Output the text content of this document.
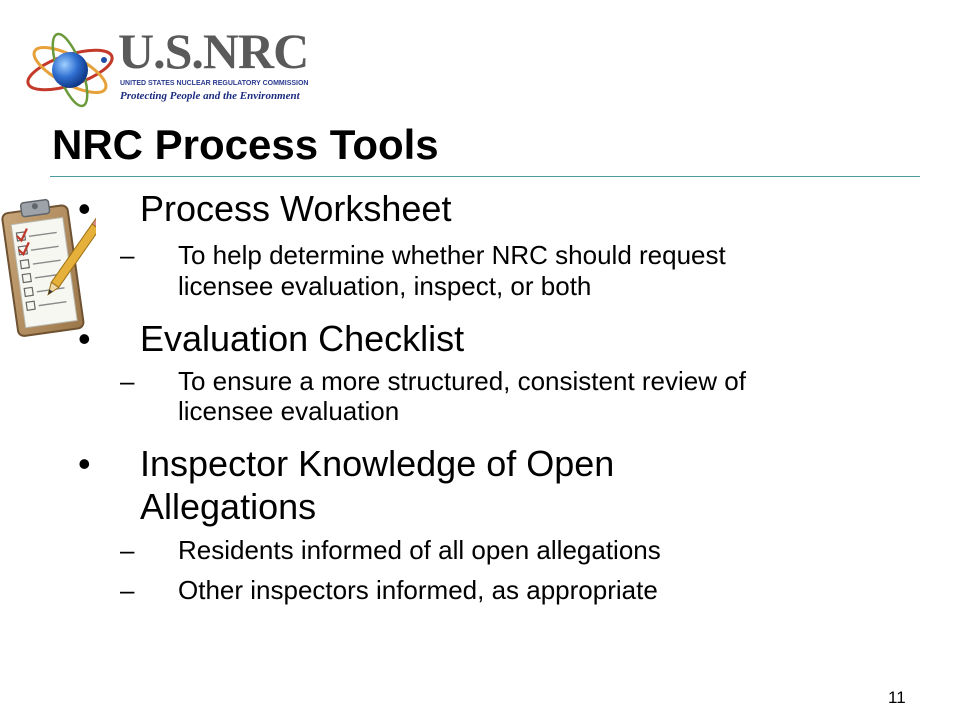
U.S.NRC
UNITED STATES NUCLEAR REGULATORY COMMISSION
Protecting People and the Environment
NRC Process Tools
• Process Worksheet
– To help determine whether NRC should request
licensee evaluation, inspect, or both
• Evaluation Checklist
– To ensure a more structured, consistent review of
licensee evaluation
• Inspector Knowledge of Open
Allegations
– Residents informed of all open allegations
– Other inspectors informed, as appropriate
11
